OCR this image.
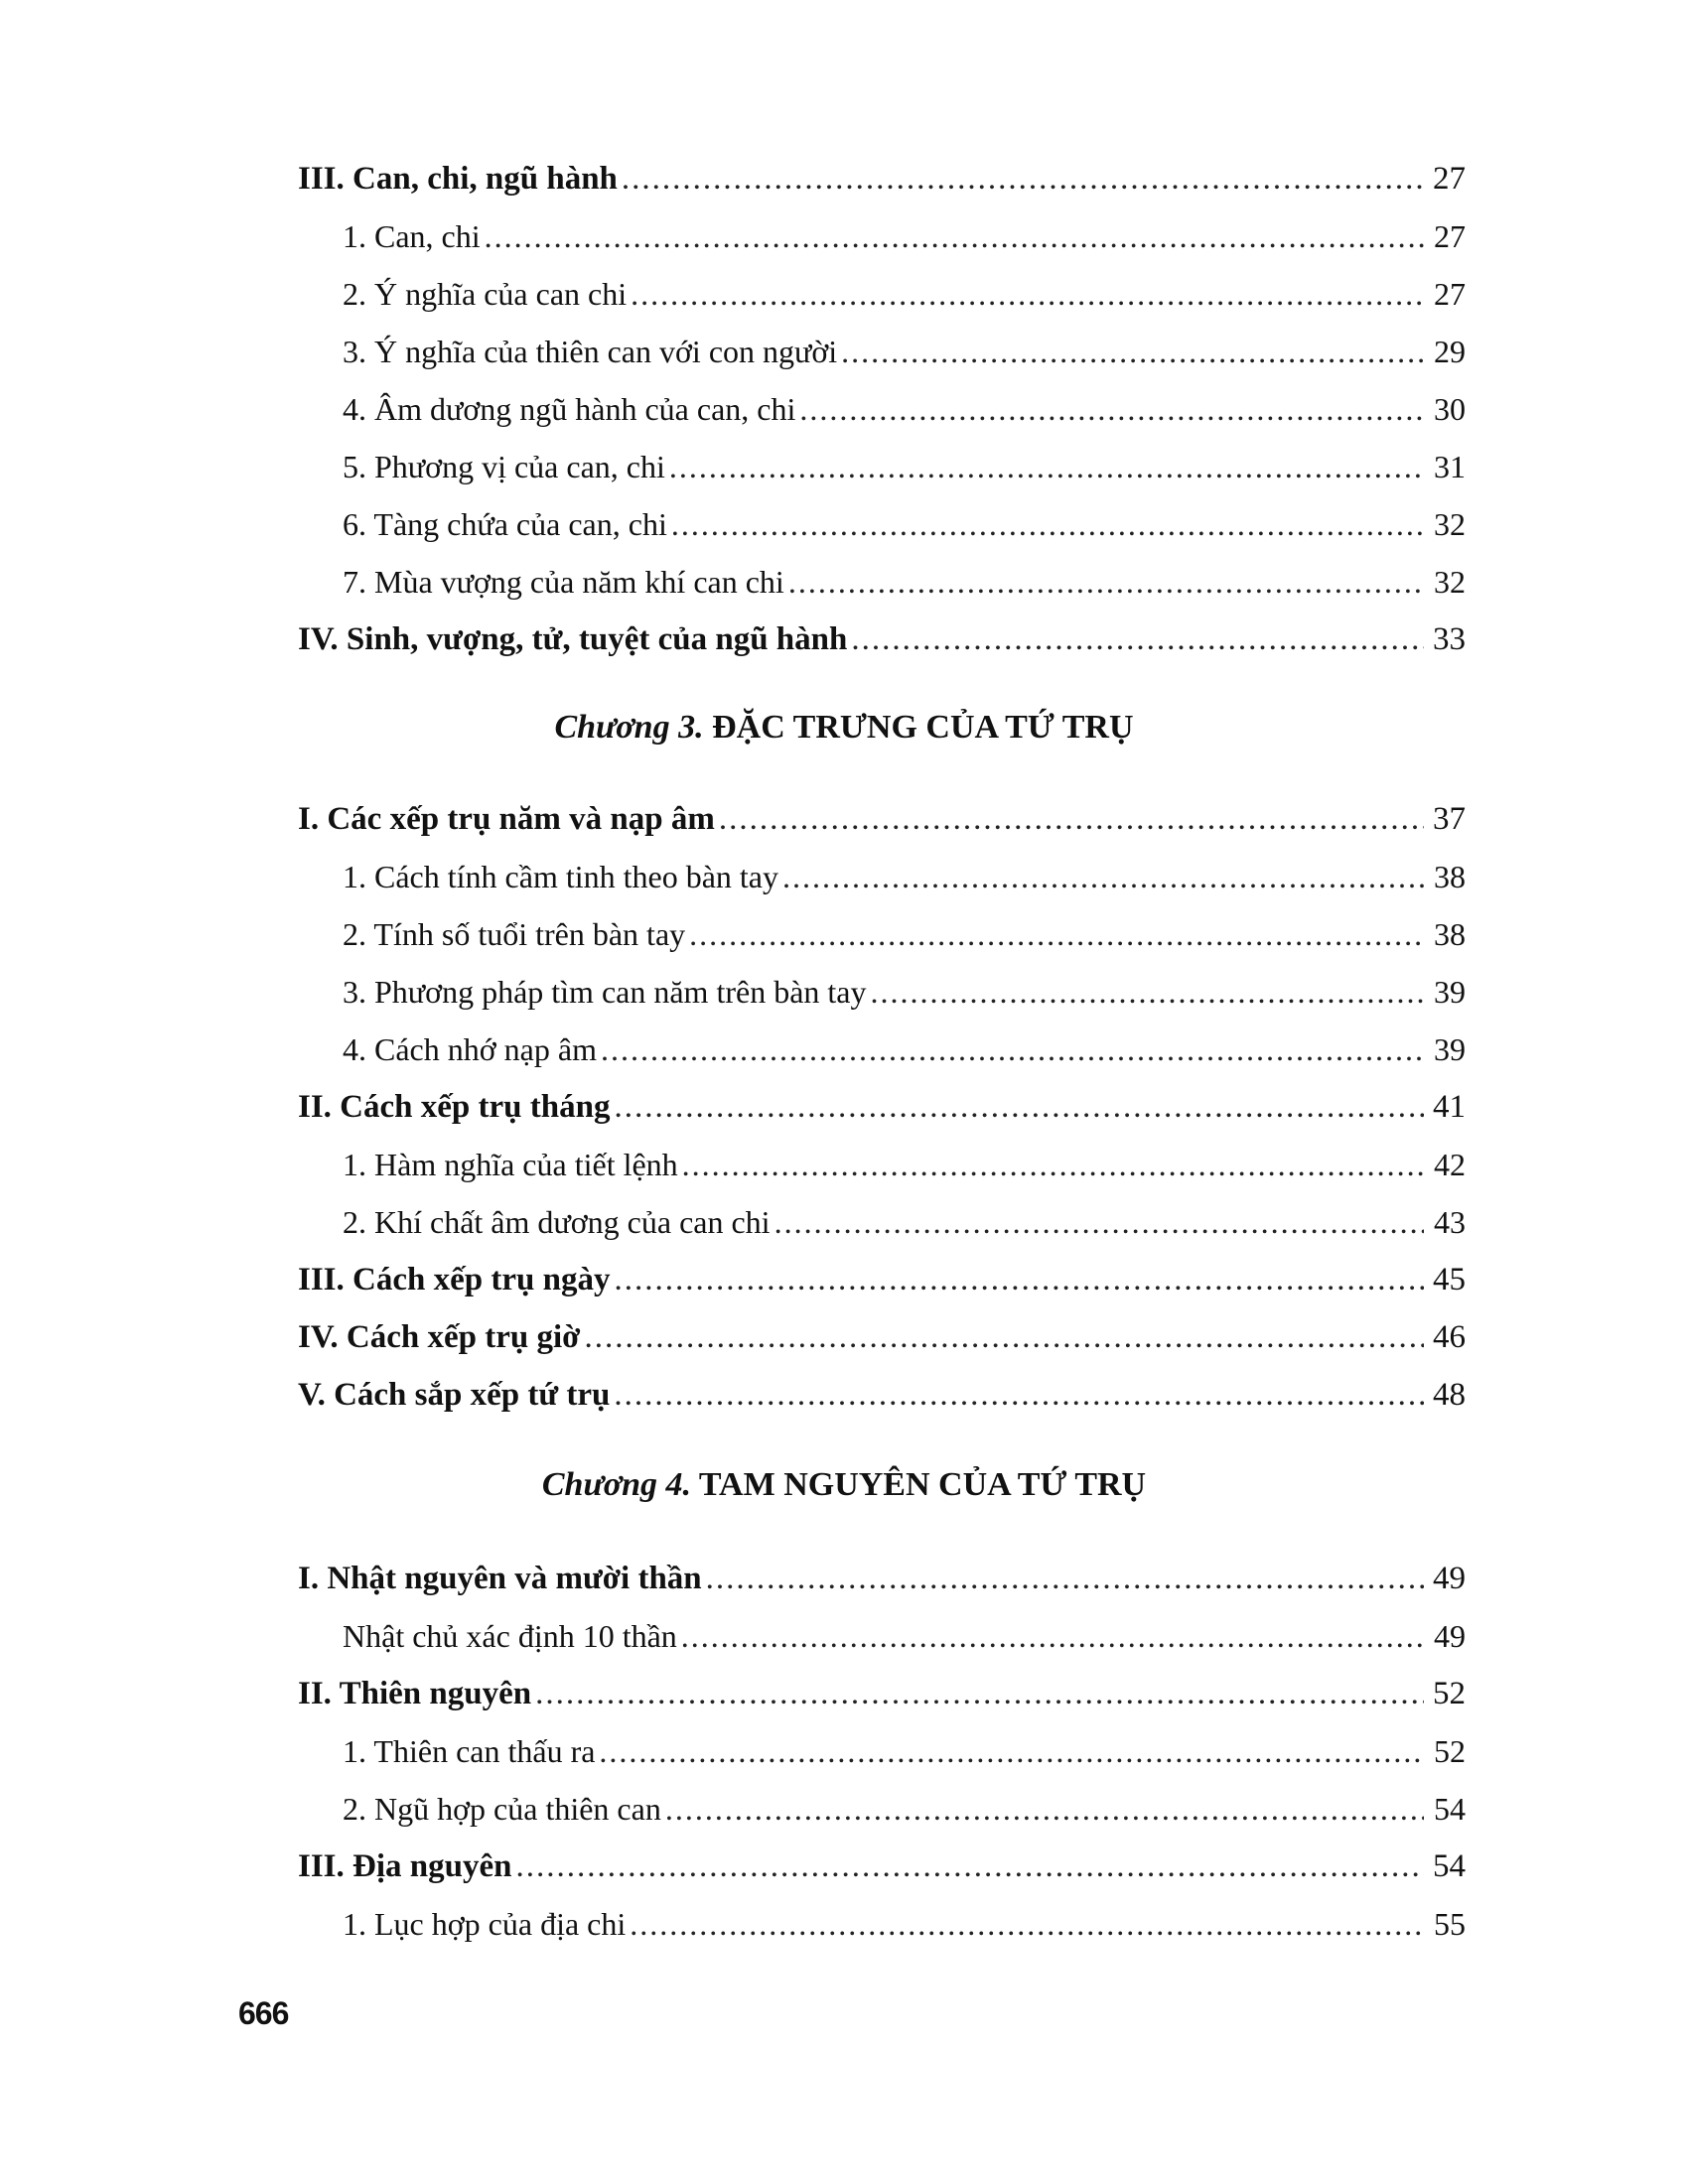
III. Can, chi, ngũ hành .....	27
1. Can, chi .....	27
2. Ý nghĩa của can chi .....	27
3. Ý nghĩa của thiên can với con người .....	29
4. Âm dương ngũ hành của can, chi .....	30
5. Phương vị của can, chi .....	31
6. Tàng chứa của can, chi .....	32
7. Mùa vượng của năm khí can chi .....	32
IV. Sinh, vượng, tử, tuyệt của ngũ hành .....	33
Chương 3. ĐẶC TRƯNG CỦA TỨ TRỤ
I. Các xếp trụ năm và nạp âm .....	37
1. Cách tính cầm tinh theo bàn tay .....	38
2. Tính số tuổi trên bàn tay .....	38
3. Phương pháp tìm can năm trên bàn tay .....	39
4. Cách nhớ nạp âm .....	39
II. Cách xếp trụ tháng .....	41
1. Hàm nghĩa của tiết lệnh .....	42
2. Khí chất âm dương của can chi .....	43
III. Cách xếp trụ ngày .....	45
IV. Cách xếp trụ giờ .....	46
V. Cách sắp xếp tứ trụ .....	48
Chương 4. TAM NGUYÊN CỦA TỨ TRỤ
I. Nhật nguyên và mười thần .....	49
Nhật chủ xác định 10 thần .....	49
II. Thiên nguyên .....	52
1. Thiên can thấu ra .....	52
2. Ngũ hợp của thiên can .....	54
III. Địa nguyên .....	54
1. Lục hợp của địa chi .....	55
666
